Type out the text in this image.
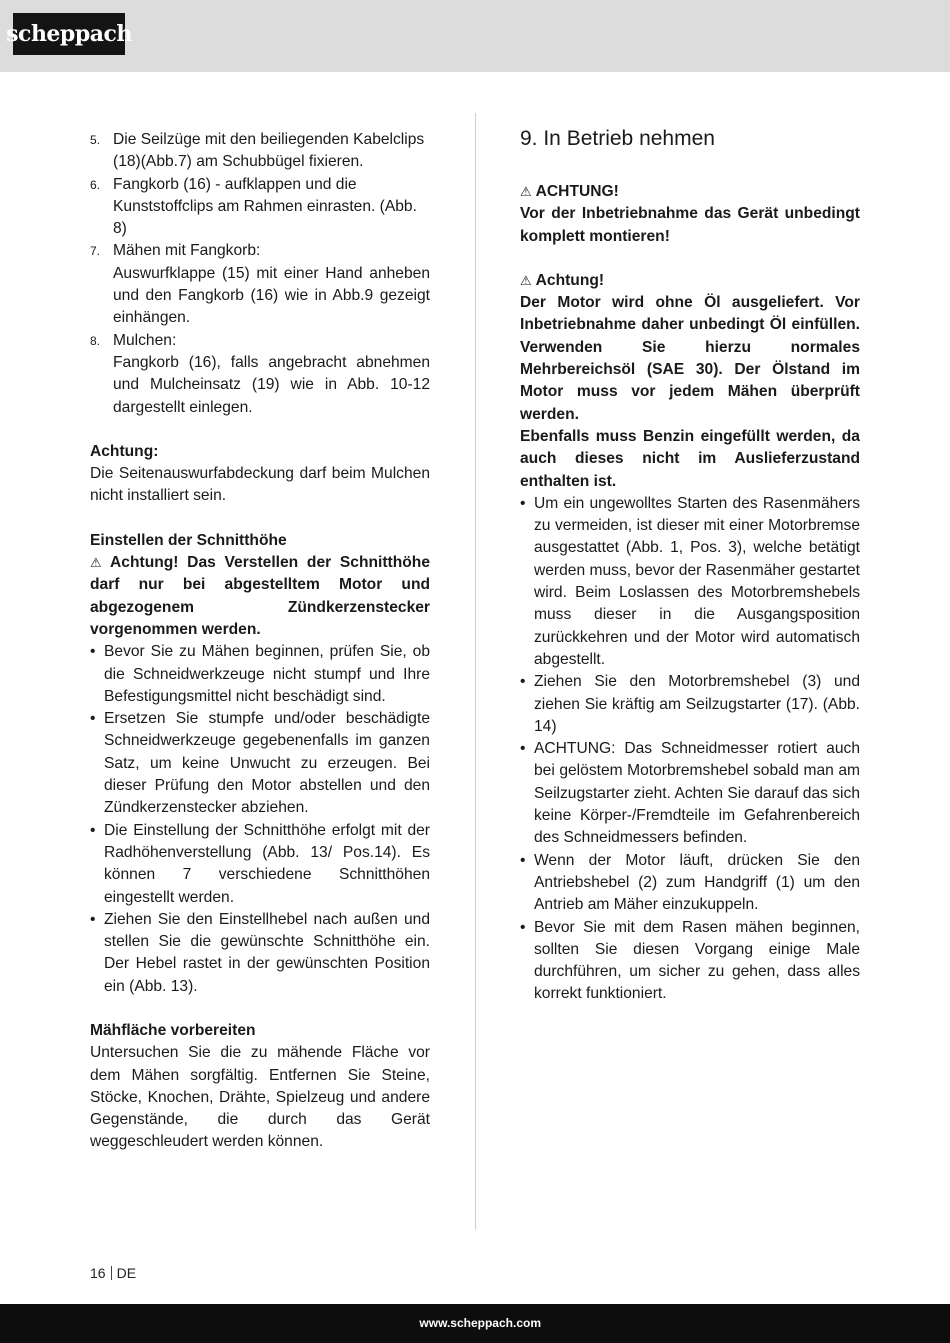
scheppach
5. Die Seilzüge mit den beiliegenden Kabelclips (18)(Abb.7) am Schubbügel fixieren.
6. Fangkorb (16) - aufklappen und die Kunststoffclips am Rahmen einrasten. (Abb. 8)
7. Mähen mit Fangkorb:

Auswurfklappe (15) mit einer Hand anheben und den Fangkorb (16) wie in Abb.9 gezeigt einhängen.

8. Mulchen:

Fangkorb (16), falls angebracht abnehmen und Mulcheinsatz (19) wie in Abb. 10-12 dargestellt einlegen.

Achtung:

Die Seitenauswurfabdeckung darf beim Mulchen nicht installiert sein.

Einstellen der Schnitthöhe

⚠ Achtung! Das Verstellen der Schnitthöhe darf nur bei abgestelltem Motor und abgezogenem Zündkerzenstecker vorgenommen werden.

• Bevor Sie zu Mähen beginnen, prüfen Sie, ob die Schneidwerkzeuge nicht stumpf und Ihre Befestigungsmittel nicht beschädigt sind.
• Ersetzen Sie stumpfe und/oder beschädigte Schneidwerkzeuge gegebenenfalls im ganzen Satz, um keine Unwucht zu erzeugen. Bei dieser Prüfung den Motor abstellen und den Zündkerzenstecker abziehen.
• Die Einstellung der Schnitthöhe erfolgt mit der Radhöhenverstellung (Abb. 13/ Pos.14). Es können 7 verschiedene Schnitthöhen eingestellt werden.
• Ziehen Sie den Einstellhebel nach außen und stellen Sie die gewünschte Schnitthöhe ein. Der Hebel rastet in der gewünschten Position ein (Abb. 13).

Mähfläche vorbereiten

Untersuchen Sie die zu mähende Fläche vor dem Mähen sorgfältig. Entfernen Sie Steine, Stöcke, Knochen, Drähte, Spielzeug und andere Gegenstände, die durch das Gerät weggeschleudert werden können.

9. In Betrieb nehmen

⚠ ACHTUNG!

Vor der Inbetriebnahme das Gerät unbedingt komplett montieren!

⚠ Achtung!

Der Motor wird ohne Öl ausgeliefert. Vor Inbetriebnahme daher unbedingt Öl einfüllen. Verwenden Sie hierzu normales Mehrbereichsöl (SAE 30). Der Ölstand im Motor muss vor jedem Mähen überprüft werden.

Ebenfalls muss Benzin eingefüllt werden, da auch dieses nicht im Auslieferzustand enthalten ist.

• Um ein ungewolltes Starten des Rasenmähers zu vermeiden, ist dieser mit einer Motorbremse ausgestattet (Abb. 1, Pos. 3), welche betätigt werden muss, bevor der Rasenmäher gestartet wird. Beim Loslassen des Motorbremshebels muss dieser in die Ausgangsposition zurückkehren und der Motor wird automatisch abgestellt.
• Ziehen Sie den Motorbremshebel (3) und ziehen Sie kräftig am Seilzugstarter (17). (Abb. 14)
• ACHTUNG: Das Schneidmesser rotiert auch bei gelöstem Motorbremshebel sobald man am Seilzugstarter zieht. Achten Sie darauf das sich keine Körper-/Fremdteile im Gefahrenbereich des Schneidmessers befinden.
• Wenn der Motor läuft, drücken Sie den Antriebshebel (2) zum Handgriff (1) um den Antrieb am Mäher einzukuppeln.
• Bevor Sie mit dem Rasen mähen beginnen, sollten Sie diesen Vorgang einige Male durchführen, um sicher zu gehen, dass alles korrekt funktioniert.
16 DE
www.scheppach.com
